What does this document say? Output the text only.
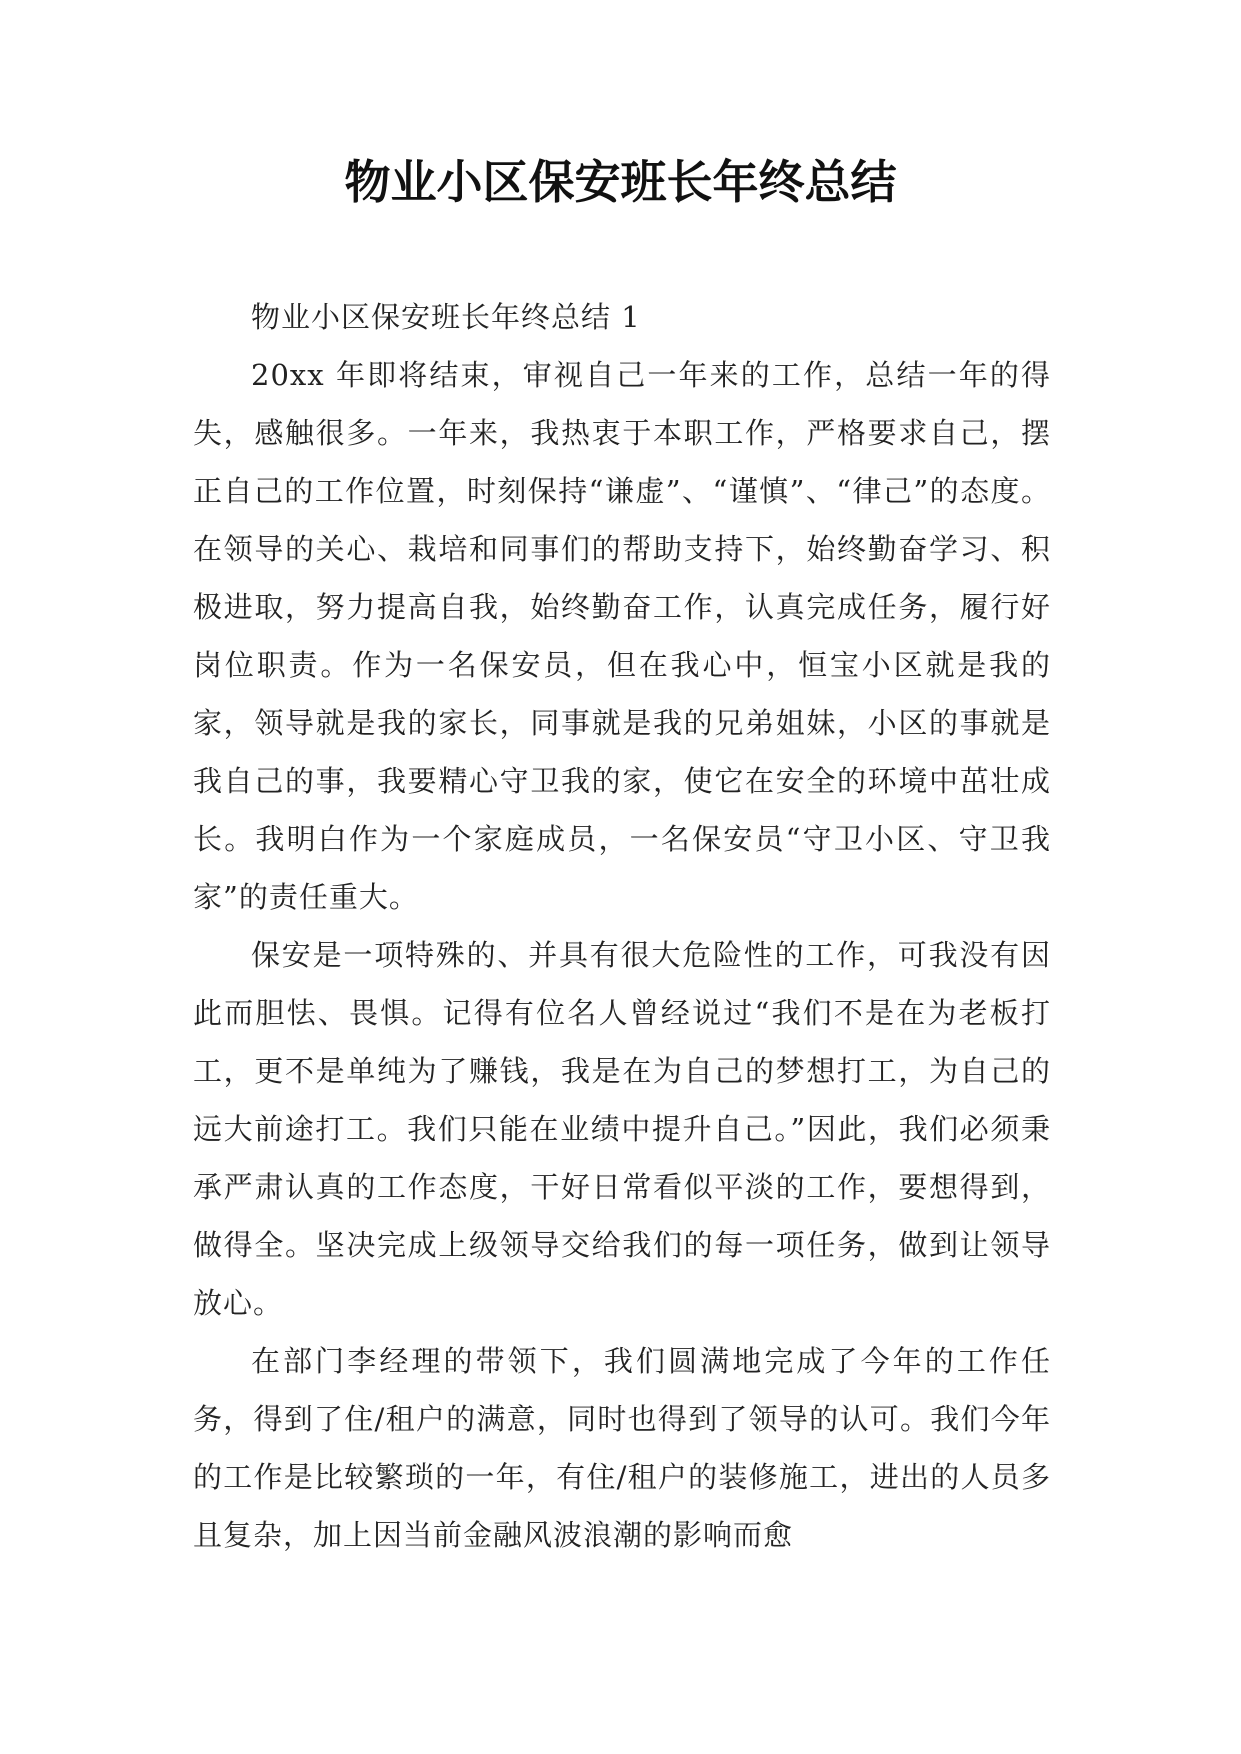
物业小区保安班长年终总结

物业小区保安班长年终总结 1

20xx 年即将结束，审视自己一年来的工作，总结一年的得失，感触很多。一年来，我热衷于本职工作，严格要求自己，摆正自己的工作位置，时刻保持“谦虚”、“谨慎”、“律己”的态度。在领导的关心、栽培和同事们的帮助支持下，始终勤奋学习、积极进取，努力提高自我，始终勤奋工作，认真完成任务，履行好岗位职责。作为一名保安员，但在我心中，恒宝小区就是我的家，领导就是我的家长，同事就是我的兄弟姐妹，小区的事就是我自己的事，我要精心守卫我的家，使它在安全的环境中茁壮成长。我明白作为一个家庭成员，一名保安员“守卫小区、守卫我家”的责任重大。

保安是一项特殊的、并具有很大危险性的工作，可我没有因此而胆怯、畏惧。记得有位名人曾经说过“我们不是在为老板打工，更不是单纯为了赚钱，我是在为自己的梦想打工，为自己的远大前途打工。我们只能在业绩中提升自己。”因此，我们必须秉承严肃认真的工作态度，干好日常看似平淡的工作，要想得到，做得全。坚决完成上级领导交给我们的每一项任务，做到让领导放心。

在部门李经理的带领下，我们圆满地完成了今年的工作任务，得到了住/租户的满意，同时也得到了领导的认可。我们今年的工作是比较繁琐的一年，有住/租户的装修施工，进出的人员多且复杂，加上因当前金融风波浪潮的影响而愈
